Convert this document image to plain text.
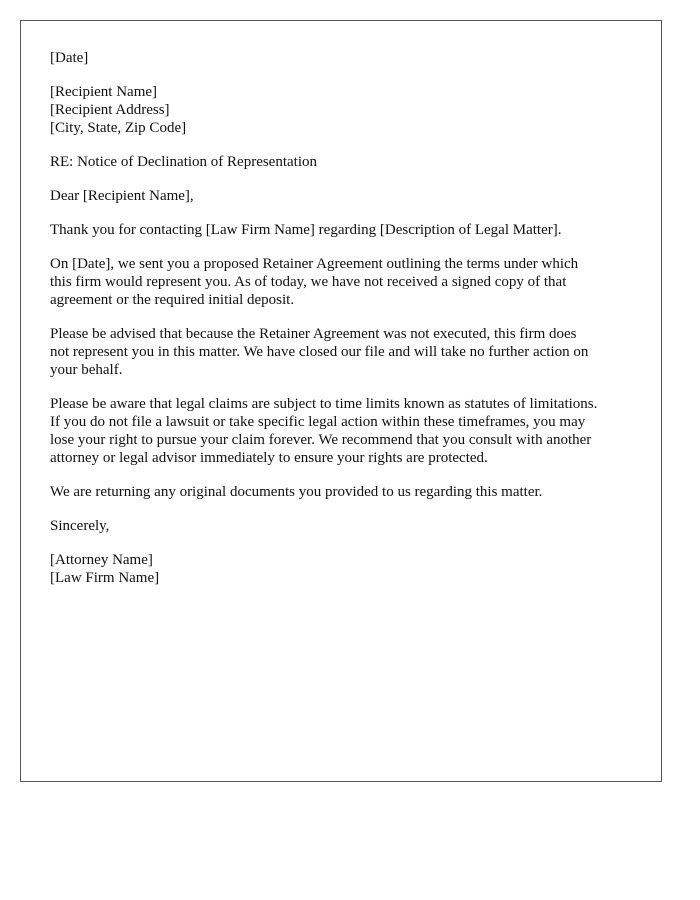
[Date]

[Recipient Name]
[Recipient Address]
[City, State, Zip Code]

RE: Notice of Declination of Representation

Dear [Recipient Name],

Thank you for contacting [Law Firm Name] regarding [Description of Legal Matter].

On [Date], we sent you a proposed Retainer Agreement outlining the terms under which
this firm would represent you. As of today, we have not received a signed copy of that
agreement or the required initial deposit.

Please be advised that because the Retainer Agreement was not executed, this firm does
not represent you in this matter. We have closed our file and will take no further action on
your behalf.

Please be aware that legal claims are subject to time limits known as statutes of limitations.
If you do not file a lawsuit or take specific legal action within these timeframes, you may
lose your right to pursue your claim forever. We recommend that you consult with another
attorney or legal advisor immediately to ensure your rights are protected.

We are returning any original documents you provided to us regarding this matter.

Sincerely,

[Attorney Name]
[Law Firm Name]
